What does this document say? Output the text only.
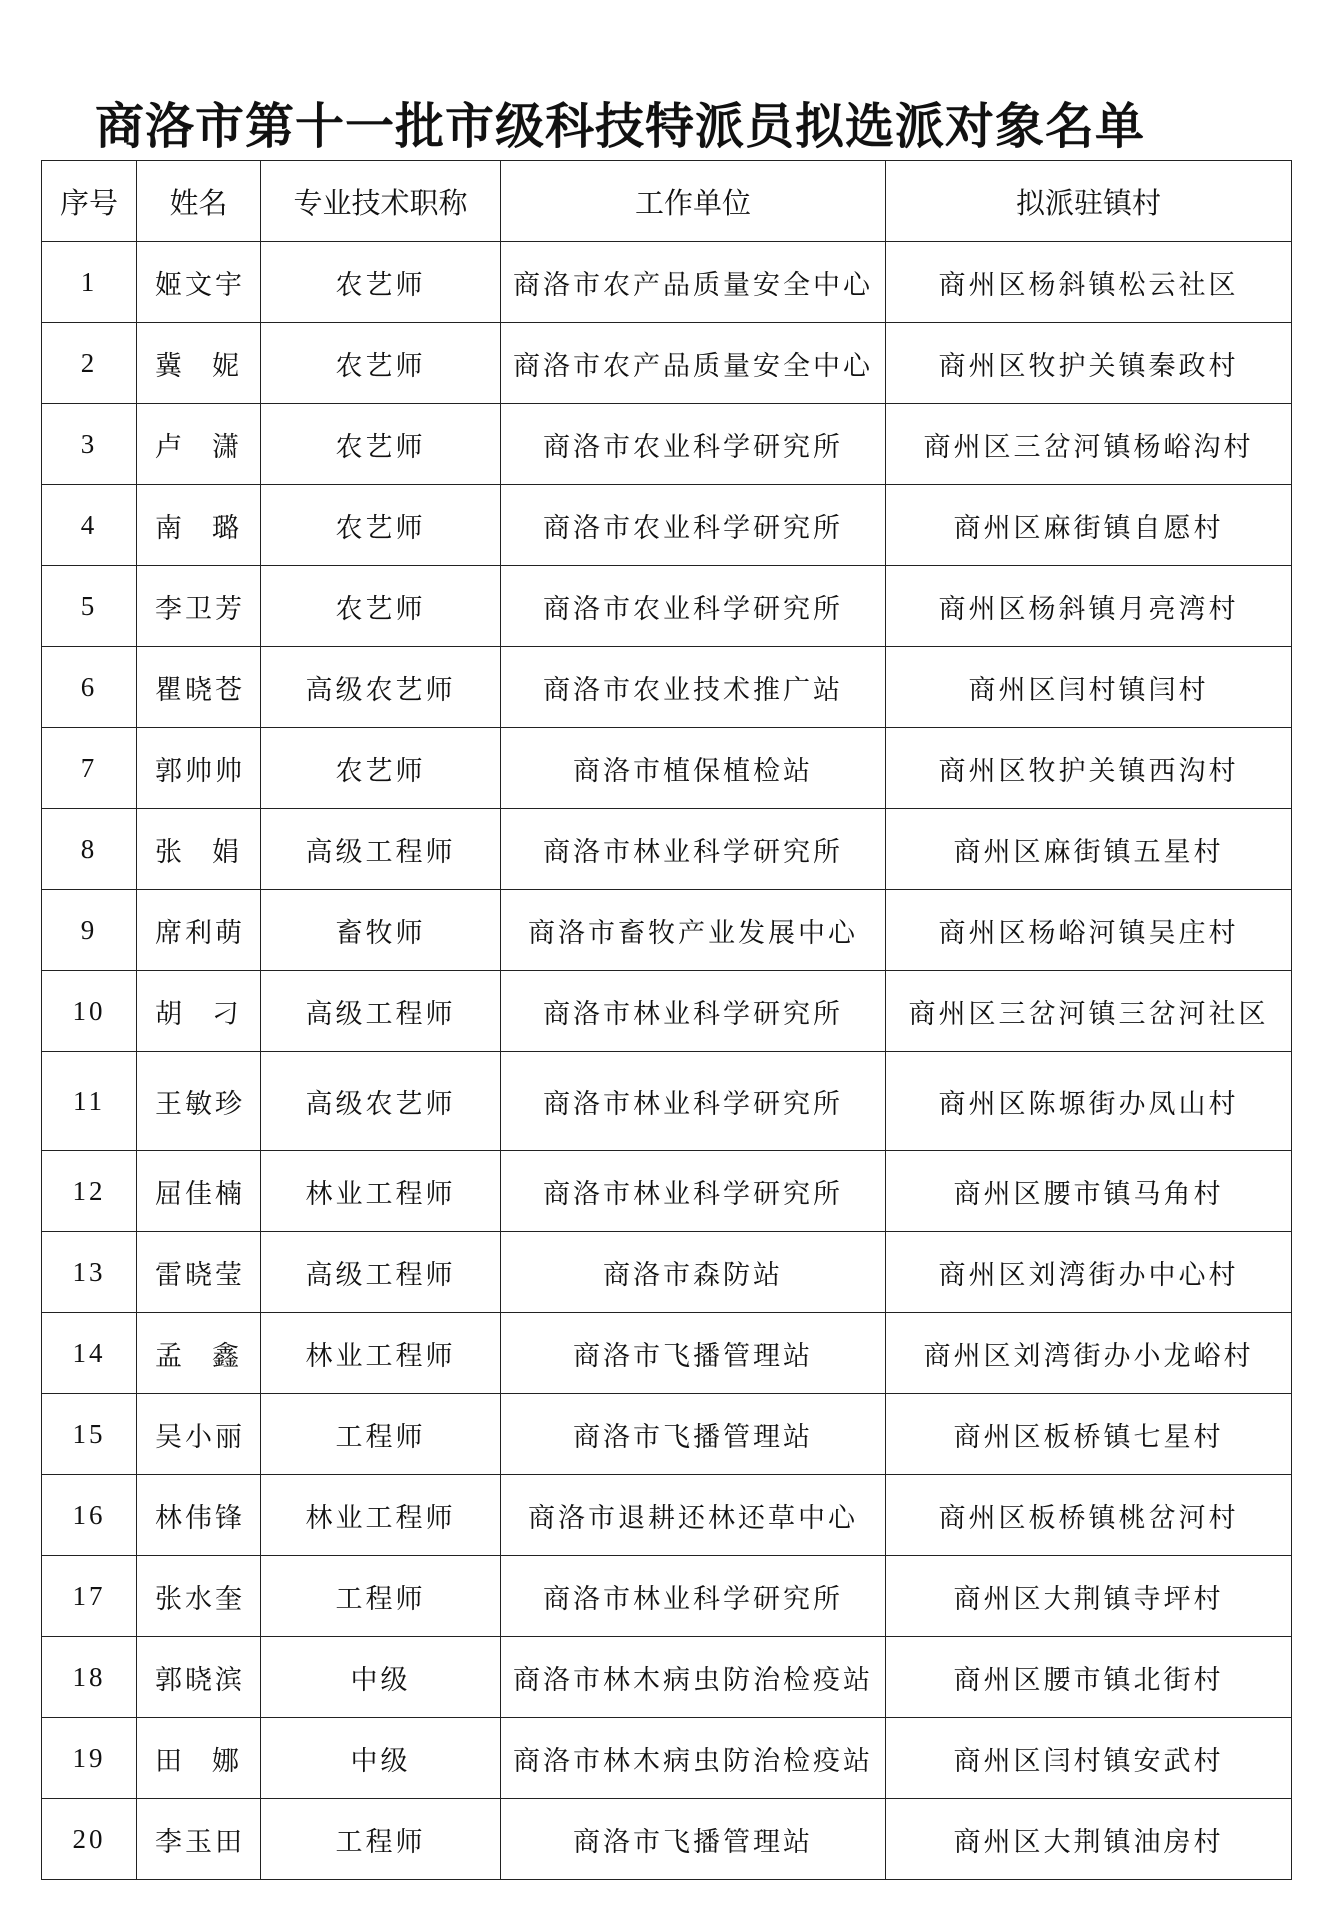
商洛市第十一批市级科技特派员拟选派对象名单
序号	姓名	专业技术职称	工作单位	拟派驻镇村
1	姬文宇	农艺师	商洛市农产品质量安全中心	商州区杨斜镇松云社区
2	冀妮	农艺师	商洛市农产品质量安全中心	商州区牧护关镇秦政村
3	卢潇	农艺师	商洛市农业科学研究所	商州区三岔河镇杨峪沟村
4	南璐	农艺师	商洛市农业科学研究所	商州区麻街镇自愿村
5	李卫芳	农艺师	商洛市农业科学研究所	商州区杨斜镇月亮湾村
6	瞿晓苍	高级农艺师	商洛市农业技术推广站	商州区闫村镇闫村
7	郭帅帅	农艺师	商洛市植保植检站	商州区牧护关镇西沟村
8	张娟	高级工程师	商洛市林业科学研究所	商州区麻街镇五星村
9	席利萌	畜牧师	商洛市畜牧产业发展中心	商州区杨峪河镇吴庄村
10	胡刁	高级工程师	商洛市林业科学研究所	商州区三岔河镇三岔河社区
11	王敏珍	高级农艺师	商洛市林业科学研究所	商州区陈塬街办凤山村
12	屈佳楠	林业工程师	商洛市林业科学研究所	商州区腰市镇马角村
13	雷晓莹	高级工程师	商洛市森防站	商州区刘湾街办中心村
14	孟鑫	林业工程师	商洛市飞播管理站	商州区刘湾街办小龙峪村
15	吴小丽	工程师	商洛市飞播管理站	商州区板桥镇七星村
16	林伟锋	林业工程师	商洛市退耕还林还草中心	商州区板桥镇桃岔河村
17	张水奎	工程师	商洛市林业科学研究所	商州区大荆镇寺坪村
18	郭晓滨	中级	商洛市林木病虫防治检疫站	商州区腰市镇北街村
19	田娜	中级	商洛市林木病虫防治检疫站	商州区闫村镇安武村
20	李玉田	工程师	商洛市飞播管理站	商州区大荆镇油房村
